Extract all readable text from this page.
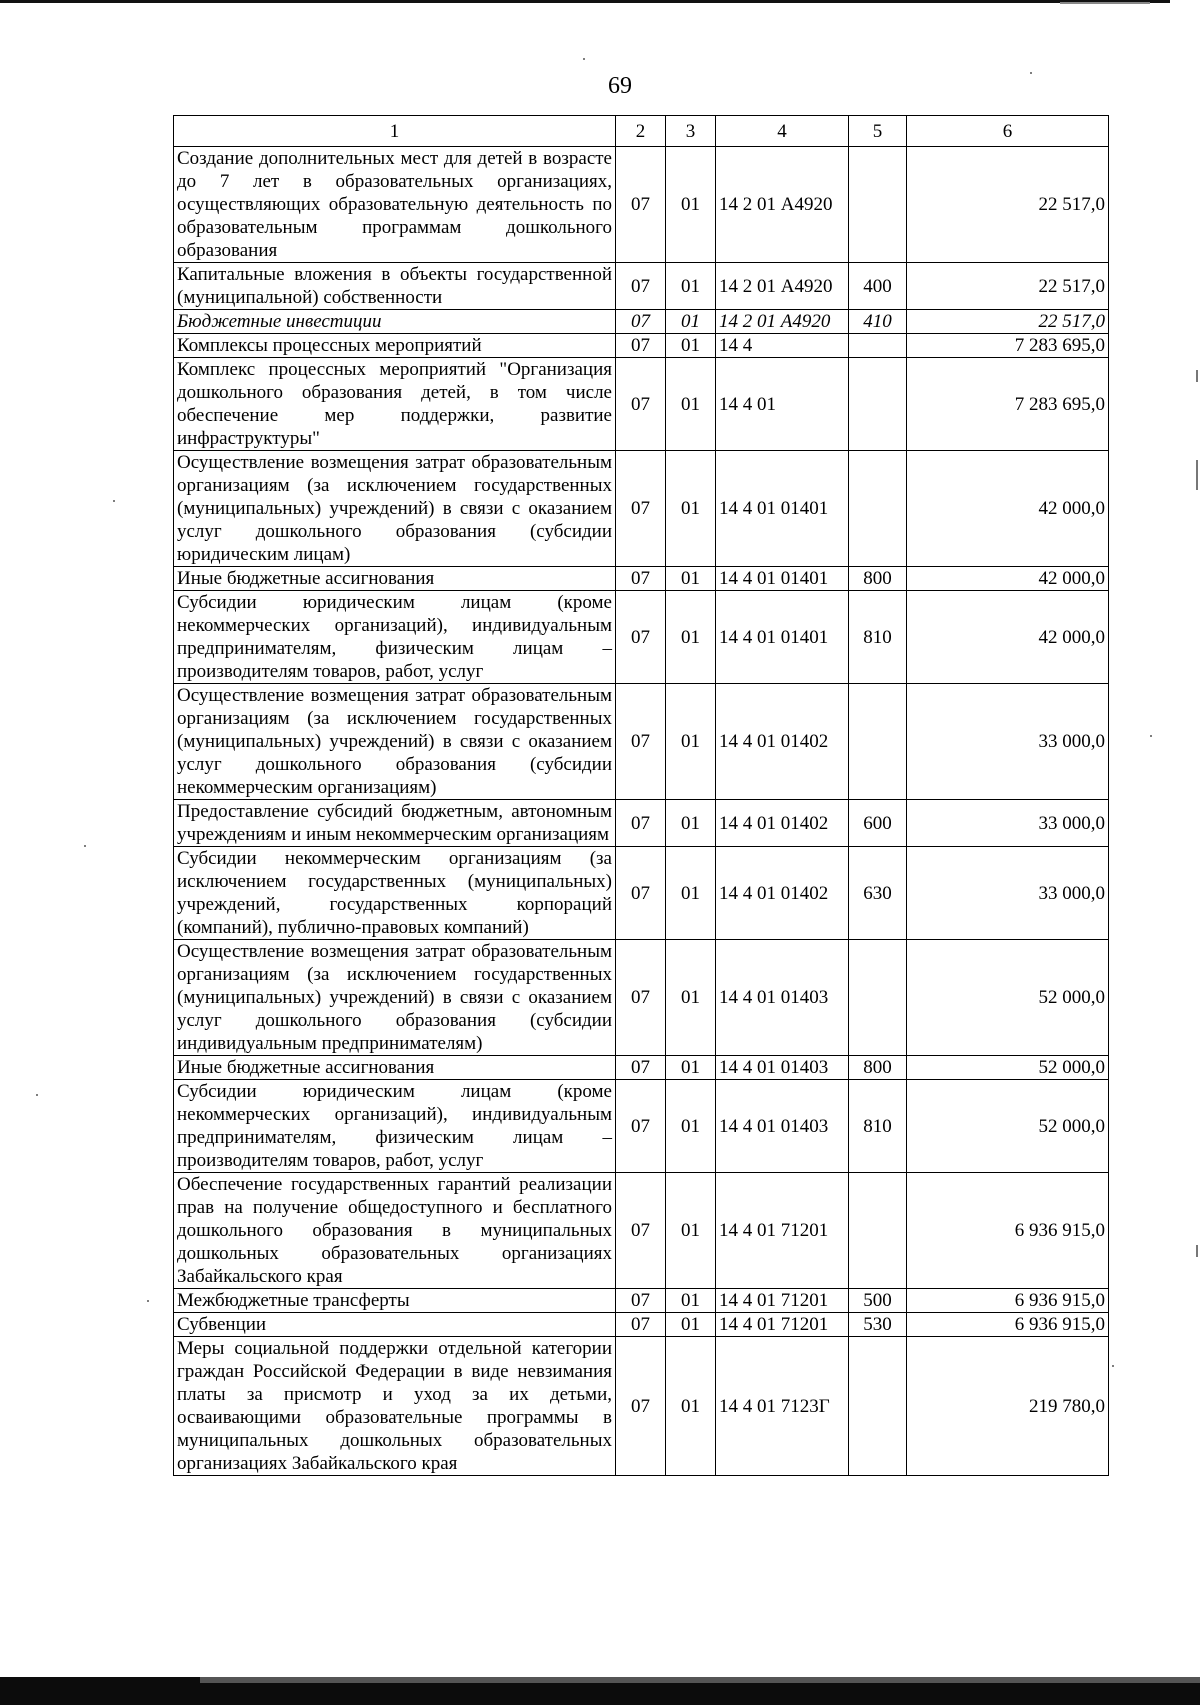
69
1	2	3	4	5	6
Создание дополнительных мест для детей в возрасте до 7 лет в образовательных организациях, осуществляющих образовательную деятельность по образовательным программам дошкольного образования	07	01	14 2 01 А4920		22 517,0
Капитальные вложения в объекты государственной (муниципальной) собственности	07	01	14 2 01 А4920	400	22 517,0
Бюджетные инвестиции	07	01	14 2 01 А4920	410	22 517,0
Комплексы процессных мероприятий	07	01	14 4		7 283 695,0
Комплекс процессных мероприятий "Организация дошкольного образования детей, в том числе обеспечение мер поддержки, развитие инфраструктуры"	07	01	14 4 01		7 283 695,0
Осуществление возмещения затрат образовательным организациям (за исключением государственных (муниципальных) учреждений) в связи с оказанием услуг дошкольного образования (субсидии юридическим лицам)	07	01	14 4 01 01401		42 000,0
Иные бюджетные ассигнования	07	01	14 4 01 01401	800	42 000,0
Субсидии юридическим лицам (кроме некоммерческих организаций), индивидуальным предпринимателям, физическим лицам – производителям товаров, работ, услуг	07	01	14 4 01 01401	810	42 000,0
Осуществление возмещения затрат образовательным организациям (за исключением государственных (муниципальных) учреждений) в связи с оказанием услуг дошкольного образования (субсидии некоммерческим организациям)	07	01	14 4 01 01402		33 000,0
Предоставление субсидий бюджетным, автономным учреждениям и иным некоммерческим организациям	07	01	14 4 01 01402	600	33 000,0
Субсидии некоммерческим организациям (за исключением государственных (муниципальных) учреждений, государственных корпораций (компаний), публично-правовых компаний)	07	01	14 4 01 01402	630	33 000,0
Осуществление возмещения затрат образовательным организациям (за исключением государственных (муниципальных) учреждений) в связи с оказанием услуг дошкольного образования (субсидии индивидуальным предпринимателям)	07	01	14 4 01 01403		52 000,0
Иные бюджетные ассигнования	07	01	14 4 01 01403	800	52 000,0
Субсидии юридическим лицам (кроме некоммерческих организаций), индивидуальным предпринимателям, физическим лицам – производителям товаров, работ, услуг	07	01	14 4 01 01403	810	52 000,0
Обеспечение государственных гарантий реализации прав на получение общедоступного и бесплатного дошкольного образования в муниципальных дошкольных образовательных организациях Забайкальского края	07	01	14 4 01 71201		6 936 915,0
Межбюджетные трансферты	07	01	14 4 01 71201	500	6 936 915,0
Субвенции	07	01	14 4 01 71201	530	6 936 915,0
Меры социальной поддержки отдельной категории граждан Российской Федерации в виде невзимания платы за присмотр и уход за их детьми, осваивающими образовательные программы в муниципальных дошкольных образовательных организациях Забайкальского края	07	01	14 4 01 7123Г		219 780,0
